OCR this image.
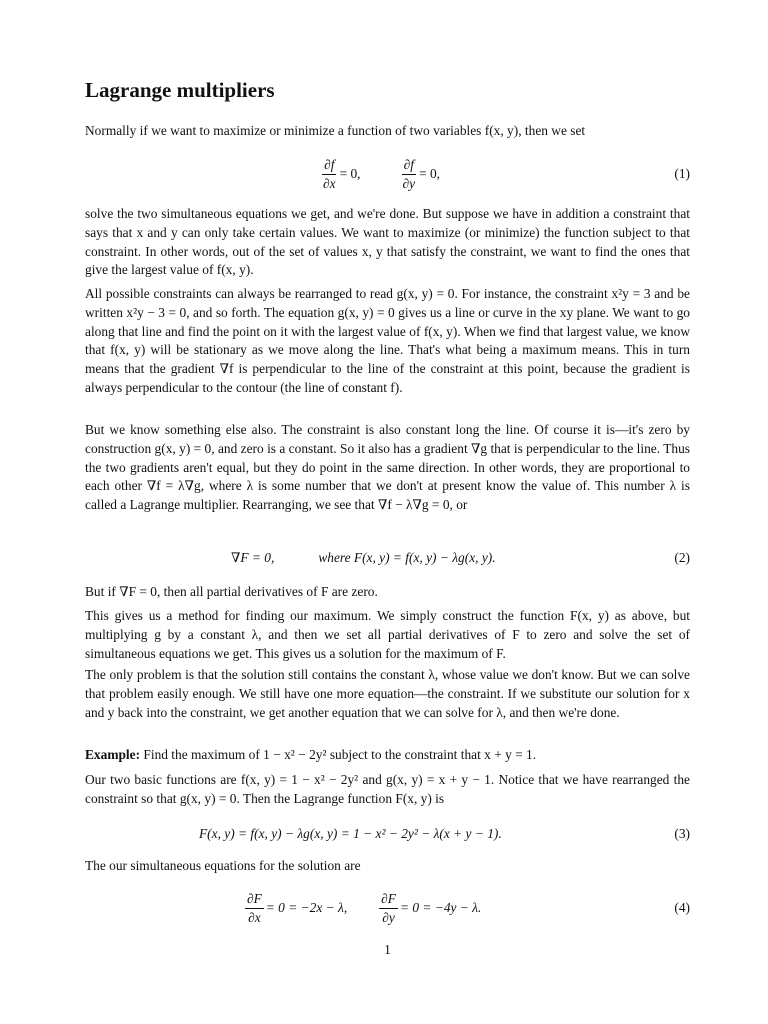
Lagrange multipliers

Normally if we want to maximize or minimize a function of two variables f(x, y), then we set

$\frac{\partial f}{\partial x} = 0$,	$\frac{\partial f}{\partial y} = 0$,	(1)

solve the two simultaneous equations we get, and we're done. But suppose we have in addition a constraint that says that x and y can only take certain values. We want to maximize (or minimize) the function subject to that constraint. In other words, out of the set of values x, y that satisfy the constraint, we want to find the ones that give the largest value of f(x, y).

All possible constraints can always be rearranged to read g(x, y) = 0. For instance, the constraint x²y = 3 and be written x²y − 3 = 0, and so forth. The equation g(x, y) = 0 gives us a line or curve in the xy plane. We want to go along that line and find the point on it with the largest value of f(x, y). When we find that largest value, we know that f(x, y) will be stationary as we move along the line. That's what being a maximum means. This in turn means that the gradient ∇f is perpendicular to the line of the constraint at this point, because the gradient is always perpendicular to the contour (the line of constant f).

But we know something else also. The constraint is also constant long the line. Of course it is—it's zero by construction g(x, y) = 0, and zero is a constant. So it also has a gradient ∇g that is perpendicular to the line. Thus the two gradients aren't equal, but they do point in the same direction. In other words, they are proportional to each other ∇f = λ∇g, where λ is some number that we don't at present know the value of. This number λ is called a Lagrange multiplier. Rearranging, we see that ∇f − λ∇g = 0, or

∇F = 0,	where F(x, y) = f(x, y) − λg(x, y).	(2)

But if ∇F = 0, then all partial derivatives of F are zero.

This gives us a method for finding our maximum. We simply construct the function F(x, y) as above, but multiplying g by a constant λ, and then we set all partial derivatives of F to zero and solve the set of simultaneous equations we get. This gives us a solution for the maximum of F.

The only problem is that the solution still contains the constant λ, whose value we don't know. But we can solve that problem easily enough. We still have one more equation—the constraint. If we substitute our solution for x and y back into the constraint, we get another equation that we can solve for λ, and then we're done.

Example: Find the maximum of 1 − x² − 2y² subject to the constraint that x + y = 1.

Our two basic functions are f(x, y) = 1 − x² − 2y² and g(x, y) = x + y − 1. Notice that we have rearranged the constraint so that g(x, y) = 0. Then the Lagrange function F(x, y) is

F(x, y) = f(x, y) − λg(x, y) = 1 − x² − 2y² − λ(x + y − 1).	(3)

The our simultaneous equations for the solution are

$\frac{\partial F}{\partial x} = 0 = -2x - \lambda$, $\frac{\partial F}{\partial y} = 0 = -4y - \lambda$.	(4)
1
